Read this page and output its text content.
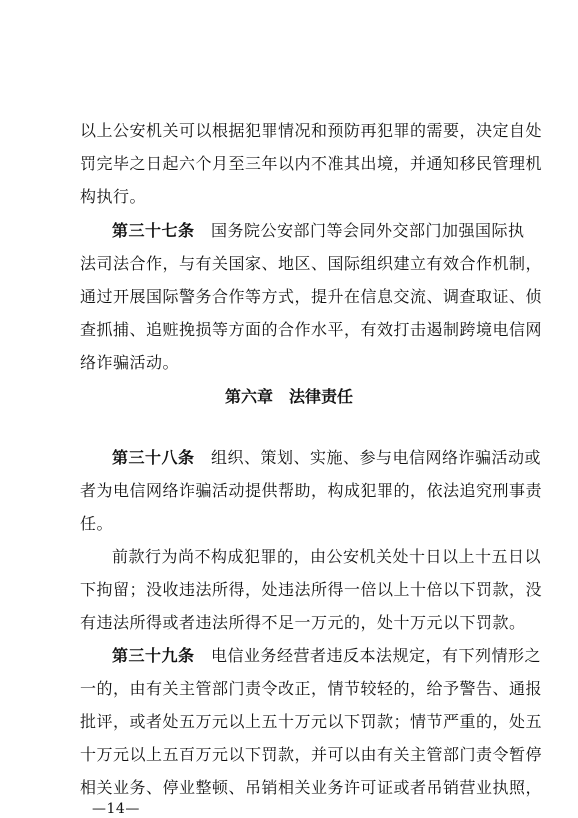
以上公安机关可以根据犯罪情况和预防再犯罪的需要，决定自处
罚完毕之日起六个月至三年以内不准其出境，并通知移民管理机
构执行。
第三十七条　国务院公安部门等会同外交部门加强国际执
法司法合作，与有关国家、地区、国际组织建立有效合作机制，
通过开展国际警务合作等方式，提升在信息交流、调查取证、侦
查抓捕、追赃挽损等方面的合作水平，有效打击遏制跨境电信网
络诈骗活动。
第六章　法律责任
第三十八条　组织、策划、实施、参与电信网络诈骗活动或
者为电信网络诈骗活动提供帮助，构成犯罪的，依法追究刑事责
任。
前款行为尚不构成犯罪的，由公安机关处十日以上十五日以
下拘留；没收违法所得，处违法所得一倍以上十倍以下罚款，没
有违法所得或者违法所得不足一万元的，处十万元以下罚款。
第三十九条　电信业务经营者违反本法规定，有下列情形之
一的，由有关主管部门责令改正，情节较轻的，给予警告、通报
批评，或者处五万元以上五十万元以下罚款；情节严重的，处五
十万元以上五百万元以下罚款，并可以由有关主管部门责令暂停
相关业务、停业整顿、吊销相关业务许可证或者吊销营业执照，
—14—
